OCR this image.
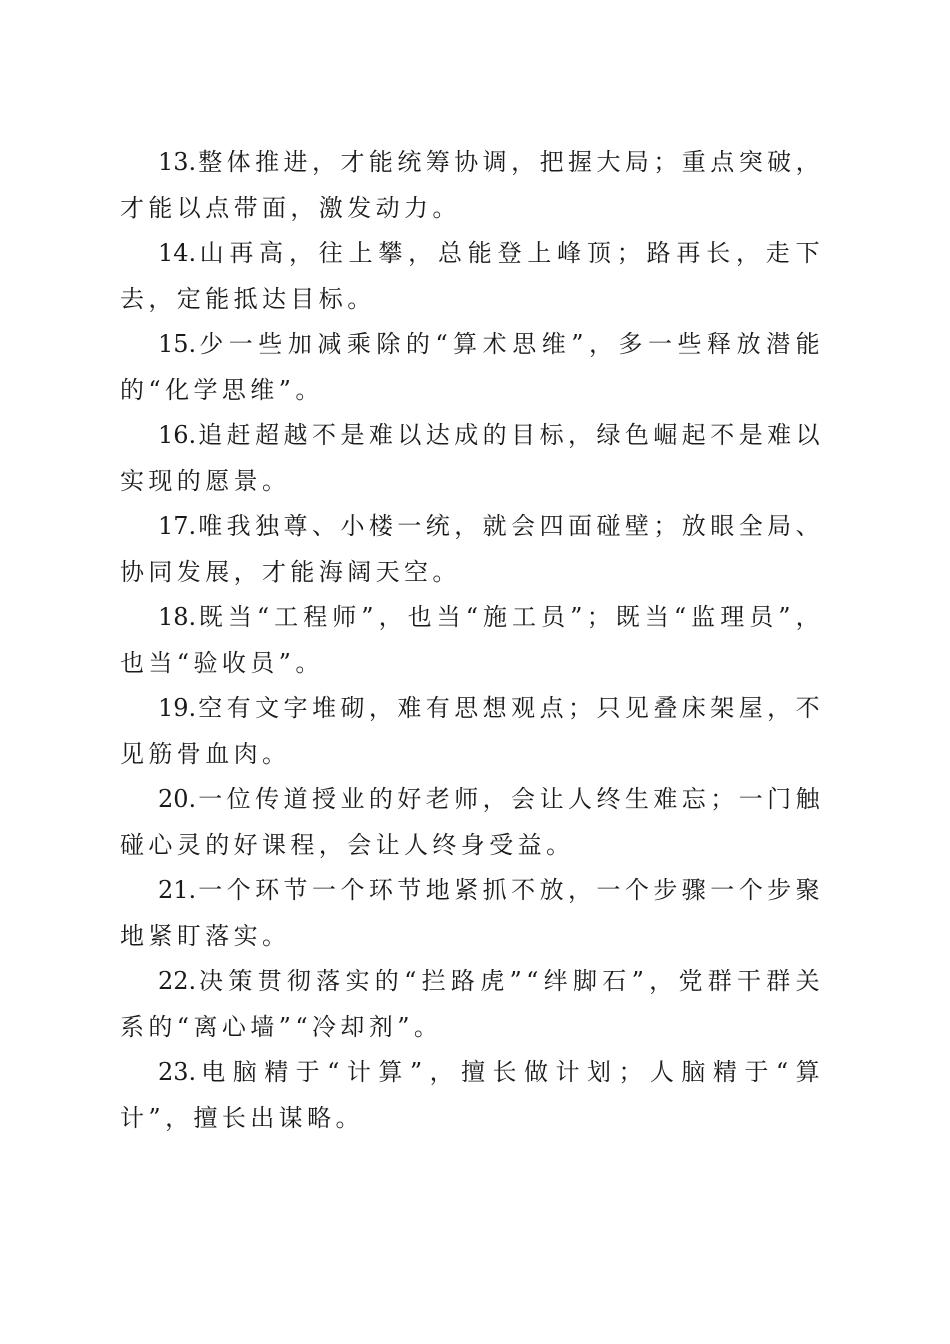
13.整体推进，才能统筹协调，把握大局；重点突破，才能以点带面，激发动力。

14.山再高，往上攀，总能登上峰顶；路再长，走下去，定能抵达目标。

15.少一些加减乘除的“算术思维”，多一些释放潜能的“化学思维”。

16.追赶超越不是难以达成的目标，绿色崛起不是难以实现的愿景。

17.唯我独尊、小楼一统，就会四面碰壁；放眼全局、协同发展，才能海阔天空。

18.既当“工程师”，也当“施工员”；既当“监理员”，也当“验收员”。

19.空有文字堆砌，难有思想观点；只见叠床架屋，不见筋骨血肉。

20.一位传道授业的好老师，会让人终生难忘；一门触碰心灵的好课程，会让人终身受益。

21.一个环节一个环节地紧抓不放，一个步骤一个步聚地紧盯落实。

22.决策贯彻落实的“拦路虎”“绊脚石”，党群干群关系的“离心墙”“冷却剂”。

23.电脑精于“计算”，擅长做计划；人脑精于“算计”，擅长出谋略。
